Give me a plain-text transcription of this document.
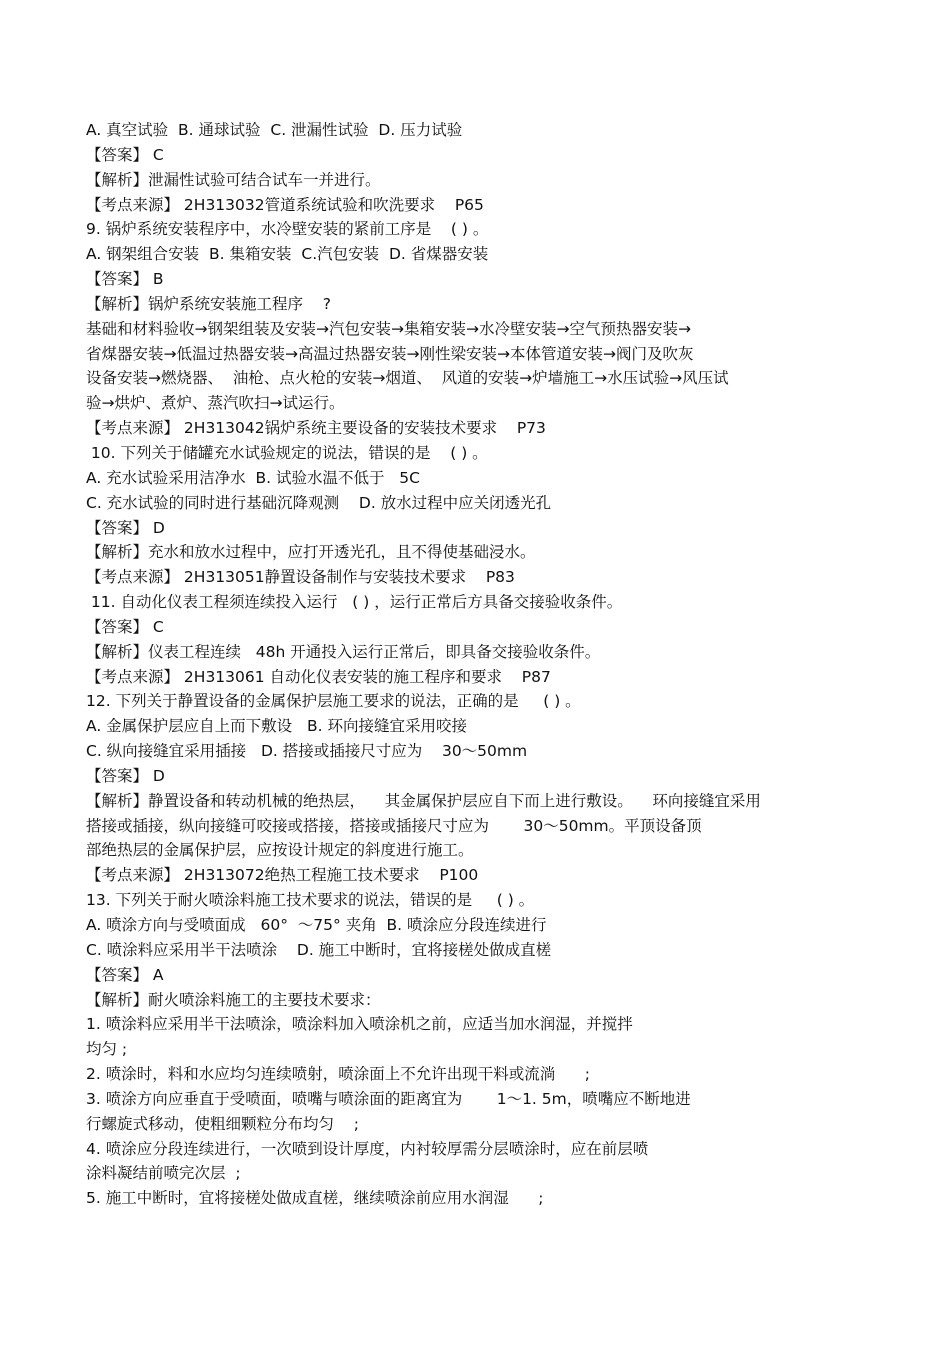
A. 真空试验  B. 通球试验  C. 泄漏性试验  D. 压力试验
【答案】 C
【解析】泄漏性试验可结合试车一并进行。
【考点来源】 2H313032管道系统试验和吹洗要求    P65
9. 锅炉系统安装程序中，水冷壁安装的紧前工序是    ( ) 。
A. 钢架组合安装  B. 集箱安装  C.汽包安装  D. 省煤器安装
【答案】 B
【解析】锅炉系统安装施工程序    ?
基础和材料验收→钢架组装及安装→汽包安装→集箱安装→水冷壁安装→空气预热器安装→
省煤器安装→低温过热器安装→高温过热器安装→刚性梁安装→本体管道安装→阀门及吹灰
设备安装→燃烧器、  油枪、点火枪的安装→烟道、  风道的安装→炉墙施工→水压试验→风压试
验→烘炉、煮炉、蒸汽吹扫→试运行。
【考点来源】 2H313042锅炉系统主要设备的安装技术要求    P73
10. 下列关于储罐充水试验规定的说法，错误的是    ( ) 。
A. 充水试验采用洁净水  B. 试验水温不低于   5C
C. 充水试验的同时进行基础沉降观测    D. 放水过程中应关闭透光孔
【答案】 D
【解析】充水和放水过程中，应打开透光孔，且不得使基础浸水。
【考点来源】 2H313051静置设备制作与安装技术要求    P83
11. 自动化仪表工程须连续投入运行   ( ) ，运行正常后方具备交接验收条件。
【答案】 C
【解析】仪表工程连续   48h 开通投入运行正常后，即具备交接验收条件。
【考点来源】 2H313061 自动化仪表安装的施工程序和要求    P87
12. 下列关于静置设备的金属保护层施工要求的说法，正确的是     ( ) 。
A. 金属保护层应自上而下敷设   B. 环向接缝宜采用咬接
C. 纵向接缝宜采用插接   D. 搭接或插接尺寸应为    30～50mm
【答案】 D
【解析】静置设备和转动机械的绝热层，    其金属保护层应自下而上进行敷设。    环向接缝宜采用
搭接或插接，纵向接缝可咬接或搭接，搭接或插接尺寸应为       30～50mm。平顶设备顶
部绝热层的金属保护层，应按设计规定的斜度进行施工。
【考点来源】 2H313072绝热工程施工技术要求    P100
13. 下列关于耐火喷涂料施工技术要求的说法，错误的是     ( ) 。
A. 喷涂方向与受喷面成   60°  ～75° 夹角  B. 喷涂应分段连续进行
C. 喷涂料应采用半干法喷涂    D. 施工中断时，宜将接槎处做成直槎
【答案】 A
【解析】耐火喷涂料施工的主要技术要求：
1. 喷涂料应采用半干法喷涂，喷涂料加入喷涂机之前，应适当加水润湿，并搅拌
均匀 ;
2. 喷涂时，料和水应均匀连续喷射，喷涂面上不允许出现干料或流淌      ;
3. 喷涂方向应垂直于受喷面，喷嘴与喷涂面的距离宜为       1～1. 5m，喷嘴应不断地进
行螺旋式移动，使粗细颗粒分布均匀    ;
4. 喷涂应分段连续进行，一次喷到设计厚度，内衬较厚需分层喷涂时，应在前层喷
涂料凝结前喷完次层  ;
5. 施工中断时，宜将接槎处做成直槎，继续喷涂前应用水润湿      ;
